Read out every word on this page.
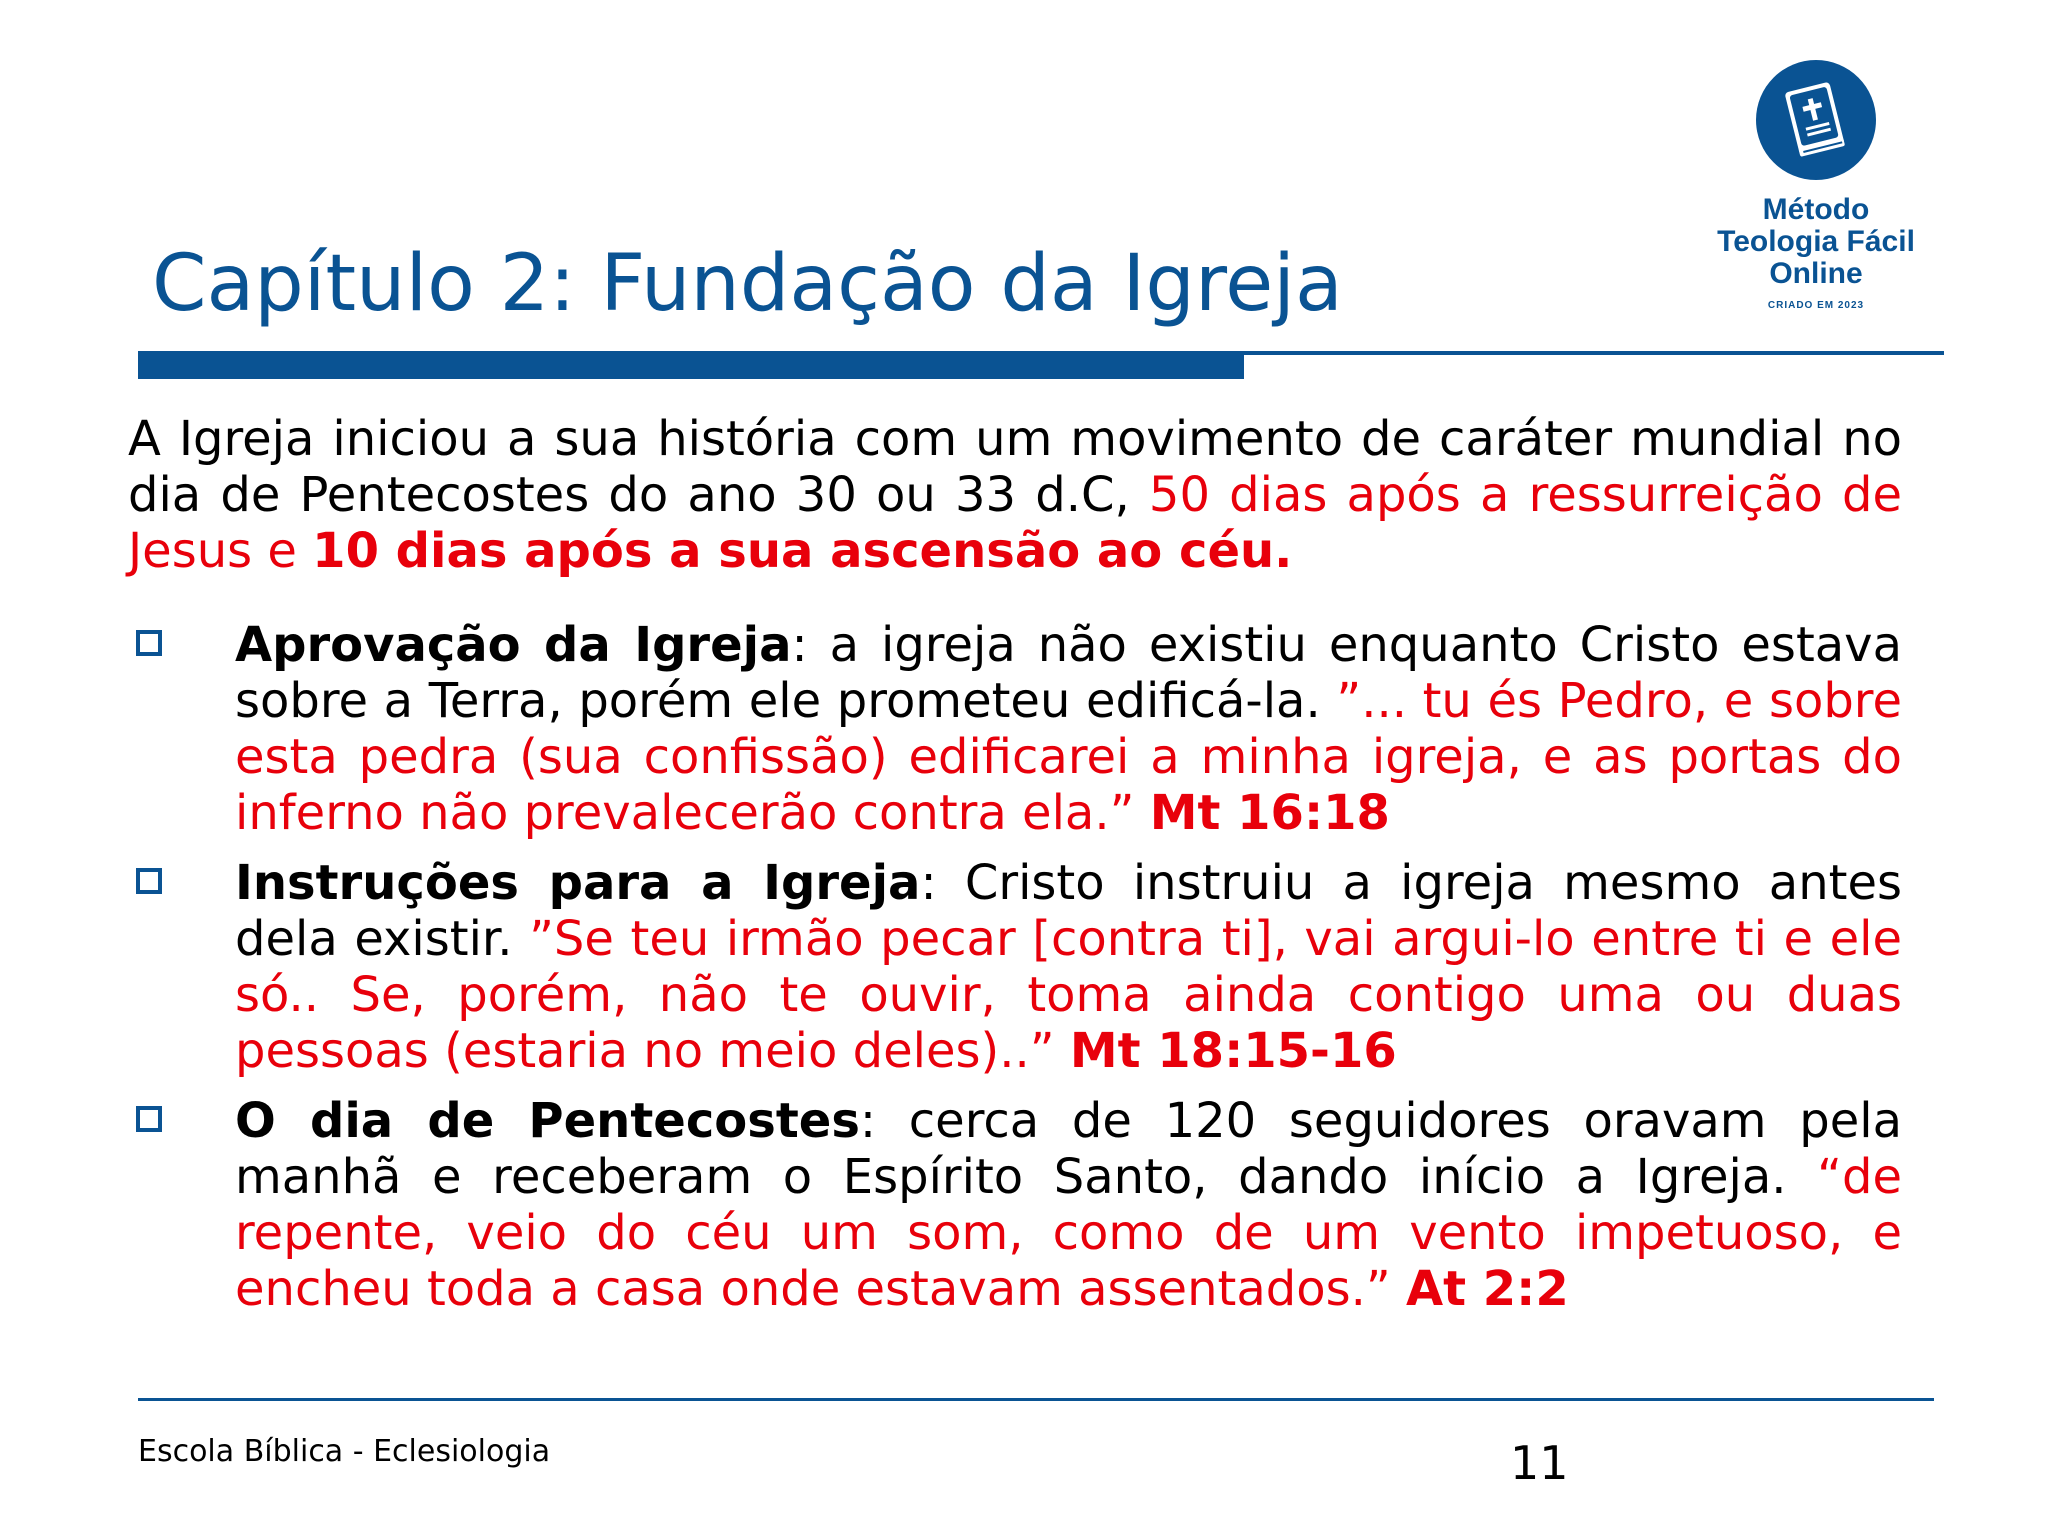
Método
Teologia Fácil
Online
CRIADO EM 2023
Capítulo 2: Fundação da Igreja

A Igreja iniciou a sua história com um movimento de caráter mundial no dia de Pentecostes do ano 30 ou 33 d.C, 50 dias após a ressurreição de Jesus e 10 dias após a sua ascensão ao céu.

Aprovação da Igreja: a igreja não existiu enquanto Cristo estava sobre a Terra, porém ele prometeu edificá-la. ”... tu és Pedro, e sobre esta pedra (sua confissão) edificarei a minha igreja, e as portas do inferno não prevalecerão contra ela.” Mt 16:18

Instruções para a Igreja: Cristo instruiu a igreja mesmo antes dela existir. ”Se teu irmão pecar [contra ti], vai argui-lo entre ti e ele só.. Se, porém, não te ouvir, toma ainda contigo uma ou duas pessoas (estaria no meio deles)..” Mt 18:15-16

O dia de Pentecostes: cerca de 120 seguidores oravam pela manhã e receberam o Espírito Santo, dando início a Igreja. “de repente, veio do céu um som, como de um vento impetuoso, e encheu toda a casa onde estavam assentados.” At 2:2

Escola Bíblica - Eclesiologia	11
